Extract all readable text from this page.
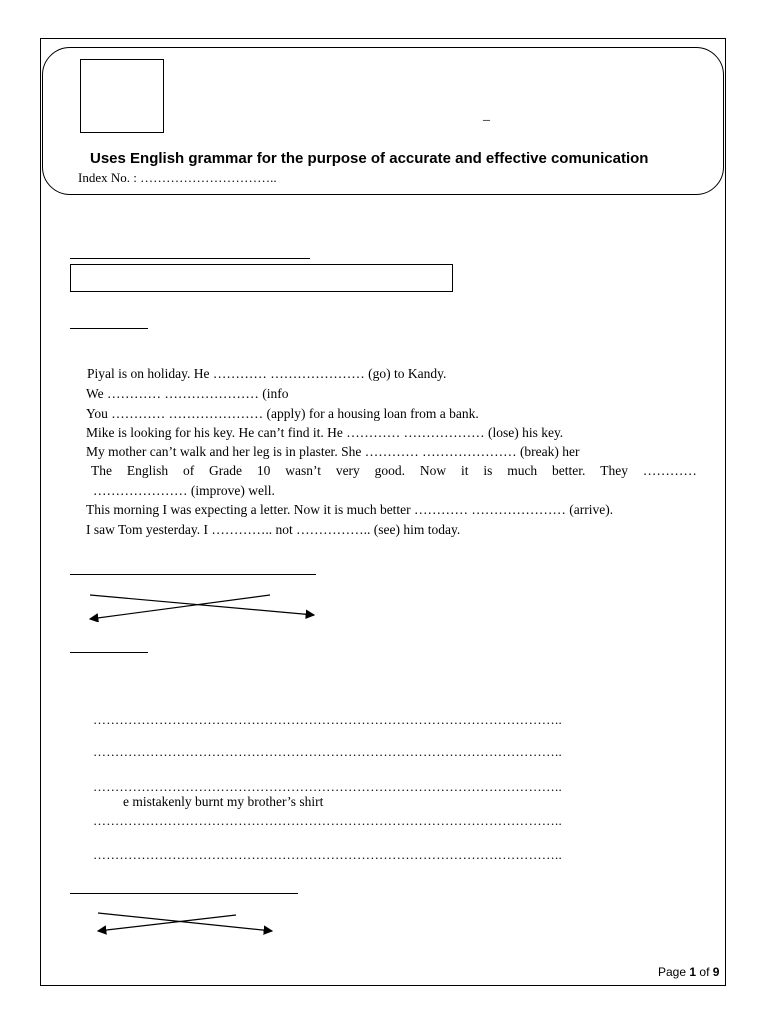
_
Uses English grammar for the purpose of accurate and effective comunication
Index No. : …………………………..
Piyal is on holiday. He ………… ………………… (go) to Kandy.
We ………… ………………… (info
You ………… ………………… (apply) for a housing loan from a bank.
Mike is looking for his key. He can’t find it. He ………… ……………… (lose) his key.
My mother can’t walk and her leg is in plaster. She ………… ………………… (break) her
The English of Grade 10 wasn’t very good. Now it is much better. They …………
………………… (improve) well.
This morning I was expecting a letter. Now it is much better ………… ………………… (arrive).
I saw Tom yesterday. I ………….. not …………….. (see) him today.
……………………………………………………………………………………………..
……………………………………………………………………………………………..
……………………………………………………………………………………………..
e mistakenly burnt my brother’s shirt
……………………………………………………………………………………………..
……………………………………………………………………………………………..
Page 1 of 9
